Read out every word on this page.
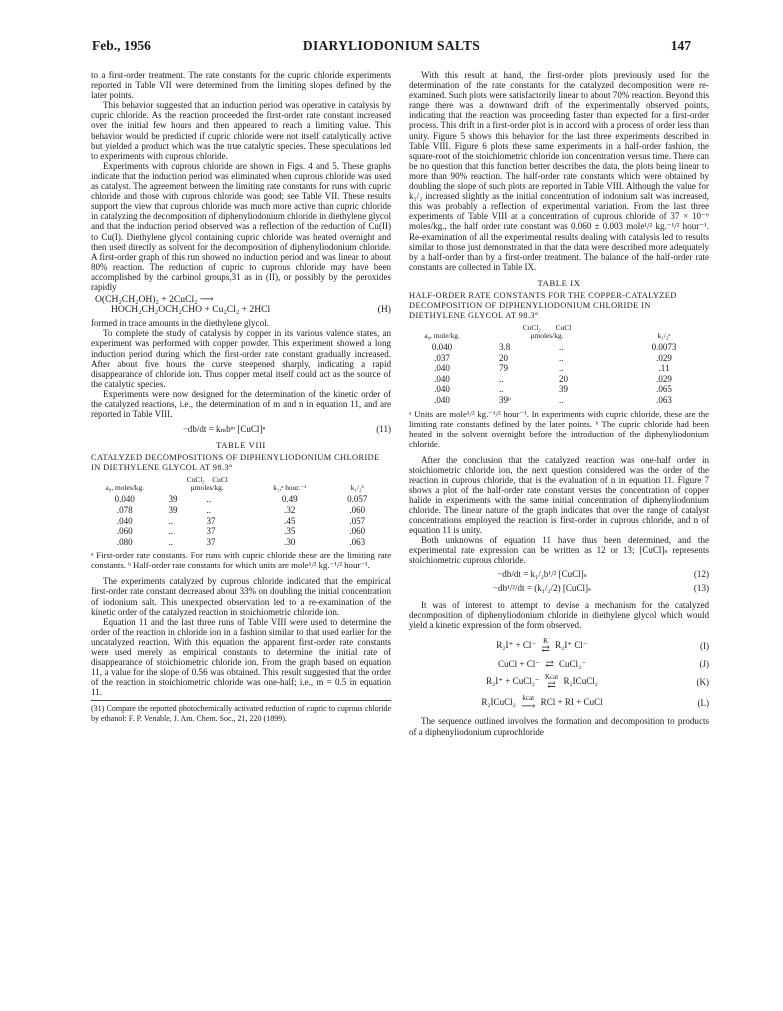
Feb., 1956	DIARYLIODONIUM SALTS	147

to a first-order treatment. The rate constants for the cupric chloride experiments reported in Table VII were determined from the limiting slopes defined by the later points.

This behavior suggested that an induction period was operative in catalysis by cupric chloride. As the reaction proceeded the first-order rate constant increased over the initial few hours and then appeared to reach a limiting value. This behavior would be predicted if cupric chloride were not itself catalytically active but yielded a product which was the true catalytic species. These speculations led to experiments with cuprous chloride.

Experiments with cuprous chloride are shown in Figs. 4 and 5. These graphs indicate that the induction period was eliminated when cuprous chloride was used as catalyst. The agreement between the limiting rate constants for runs with cupric chloride and those with cuprous chloride was good; see Table VII. These results support the view that cuprous chloride was much more active than cupric chloride in catalyzing the decomposition of diphenyliodonium chloride in diethylene glycol and that the induction period observed was a reflection of the reduction of Cu(II) to Cu(I). Diethylene glycol containing cupric chloride was heated overnight and then used directly as solvent for the decomposition of diphenyliodonium chloride. A first-order graph of this run showed no induction period and was linear to about 80% reaction. The reduction of cupric to cuprous chloride may have been accomplished by the carbinol groups,31 as in (II), or possibly by the peroxides rapidly

O(CH₂CH₂OH)₂ + 2CuCl₂ ⟶
HOCH₂CH₂OCH₂CHO + Cu₂Cl₂ + 2HCl	(H)

formed in trace amounts in the diethylene glycol.

To complete the study of catalysis by copper in its various valence states, an experiment was performed with copper powder. This experiment showed a long induction period during which the first-order rate constant gradually increased. After about five hours the curve steepened sharply, indicating a rapid disappearance of chloride ion. Thus copper metal itself could act as the source of the catalytic species.

Experiments were now designed for the determination of the kinetic order of the catalyzed reactions, i.e., the determination of m and n in equation 11, and are reported in Table VIII.

−db/dt = kₘbᵐ [CuCl]ⁿ	(11)
TABLE VIII
CATALYZED DECOMPOSITIONS OF DIPHENYLIODONIUM CHLORIDE IN DIETHYLENE GLYCOL AT 98.3°
a₀, moles/kg.	CuCl₂ CuCl
μmoles/kg.	k₁,ᵃ hour.⁻¹	k₁/₂ᵇ
0.040	39 ..	0.49	0.057
.078	39 ..	.32	.060
.040	.. 37	.45	.057
.060	.. 37	.35	.060
.080	.. 37	.30	.063
ᵃ First-order rate constants. For runs with cupric chloride these are the limiting rate constants. ᵇ Half-order rate constants for which units are mole¹/² kg.⁻¹/² hour⁻¹.

The experiments catalyzed by cuprous chloride indicated that the empirical first-order rate constant decreased about 33% on doubling the initial concentration of iodonium salt. This unexpected observation led to a re-examination of the kinetic order of the catalyzed reaction in stoichiometric chloride ion.

Equation 11 and the last three runs of Table VIII were used to determine the order of the reaction in chloride ion in a fashion similar to that used earlier for the uncatalyzed reaction. With this equation the apparent first-order rate constants were used merely as empirical constants to determine the initial rate of disappearance of stoichiometric chloride ion. From the graph based on equation 11, a value for the slope of 0.56 was obtained. This result suggested that the order of the reaction in stoichiometric chloride was one-half; i.e., m = 0.5 in equation 11.

(31) Compare the reported photochemically activated reduction of cupric to cuprous chloride by ethanol: F. P. Venable, J. Am. Chem. Soc., 21, 220 (1899).

With this result at hand, the first-order plots previously used for the determination of the rate constants for the catalyzed decomposition were re-examined. Such plots were satisfactorily linear to about 70% reaction. Beyond this range there was a downward drift of the experimentally observed points, indicating that the reaction was proceeding faster than expected for a first-order process. This drift in a first-order plot is in accord with a process of order less than unity. Figure 5 shows this behavior for the last three experiments described in Table VIII. Figure 6 plots these same experiments in a half-order fashion, the square-root of the stoichiometric chloride ion concentration versus time. There can be no question that this function better describes the data, the plots being linear to more than 90% reaction. The half-order rate constants which were obtained by doubling the slope of such plots are reported in Table VIII. Although the value for k₁/₂ increased slightly as the initial concentration of iodonium salt was increased, this was probably a reflection of experimental variation. From the last three experiments of Table VIII at a concentration of cuprous chloride of 37 × 10⁻⁶ moles/kg., the half order rate constant was 0.060 ± 0.003 mole¹/² kg.⁻¹/² hour⁻¹. Re-examination of all the experimental results dealing with catalysis led to results similar to those just demonstrated in that the data were described more adequately by a half-order than by a first-order treatment. The balance of the half-order rate constants are collected in Table IX.

TABLE IX
HALF-ORDER RATE CONSTANTS FOR THE COPPER-CATALYZED DECOMPOSITION OF DIPHENYLIODONIUM CHLORIDE IN DIETHYLENE GLYCOL AT 98.3°
a₀, mole/kg.	CuCl₂ CuCl
μmoles/kg.	k₁/₂ᵃ
0.040	3.8 ..	0.0073
.037	20 ..	.029
.040	79 ..	.11
.040	.. 20	.029
.040	.. 39	.065
.040	39ᵇ ..	.063
ᵃ Units are mole¹/² kg.⁻¹/² hour⁻¹. In experiments with cupric chloride, these are the limiting rate constants defined by the later points. ᵇ The cupric chloride had been heated in the solvent overnight before the introduction of the diphenyliodonium chloride.

After the conclusion that the catalyzed reaction was one-half order in stoichiometric chloride ion, the next question considered was the order of the reaction in cuprous chloride, that is the evaluation of n in equation 11. Figure 7 shows a plot of the half-order rate constant versus the concentration of copper halide in experiments with the same initial concentration of diphenyliodonium chloride. The linear nature of the graph indicates that over the range of catalyst concentrations employed the reaction is first-order in cuprous chloride, and n of equation 11 is unity.

Both unknowns of equation 11 have thus been determined, and the experimental rate expression can be written as 12 or 13; [CuCl]ₛ represents stoichiometric cuprous chloride.

−db/dt = k₁/₂b¹/² [CuCl]ₛ	(12)
−db¹/²/dt = (k₁/₂/2) [CuCl]ₛ	(13)

It was of interest to attempt to devise a mechanism for the catalyzed decomposition of diphenyliodonium chloride in diethylene glycol which would yield a kinetic expression of the form observed.

R₂I⁺ + Cl⁻ K
⇄ R₂I⁺ Cl⁻	(I)
CuCl + Cl⁻ ⇄ CuCl₂⁻	(J)
R₂I⁺ + CuCl₂⁻ Kcat
⇄ R₂ICuCl₂	(K)
R₂ICuCl₂ kcat
⟶ RCl + RI + CuCl	(L)

The sequence outlined involves the formation and decomposition to products of a diphenyliodonium cuprochloride
